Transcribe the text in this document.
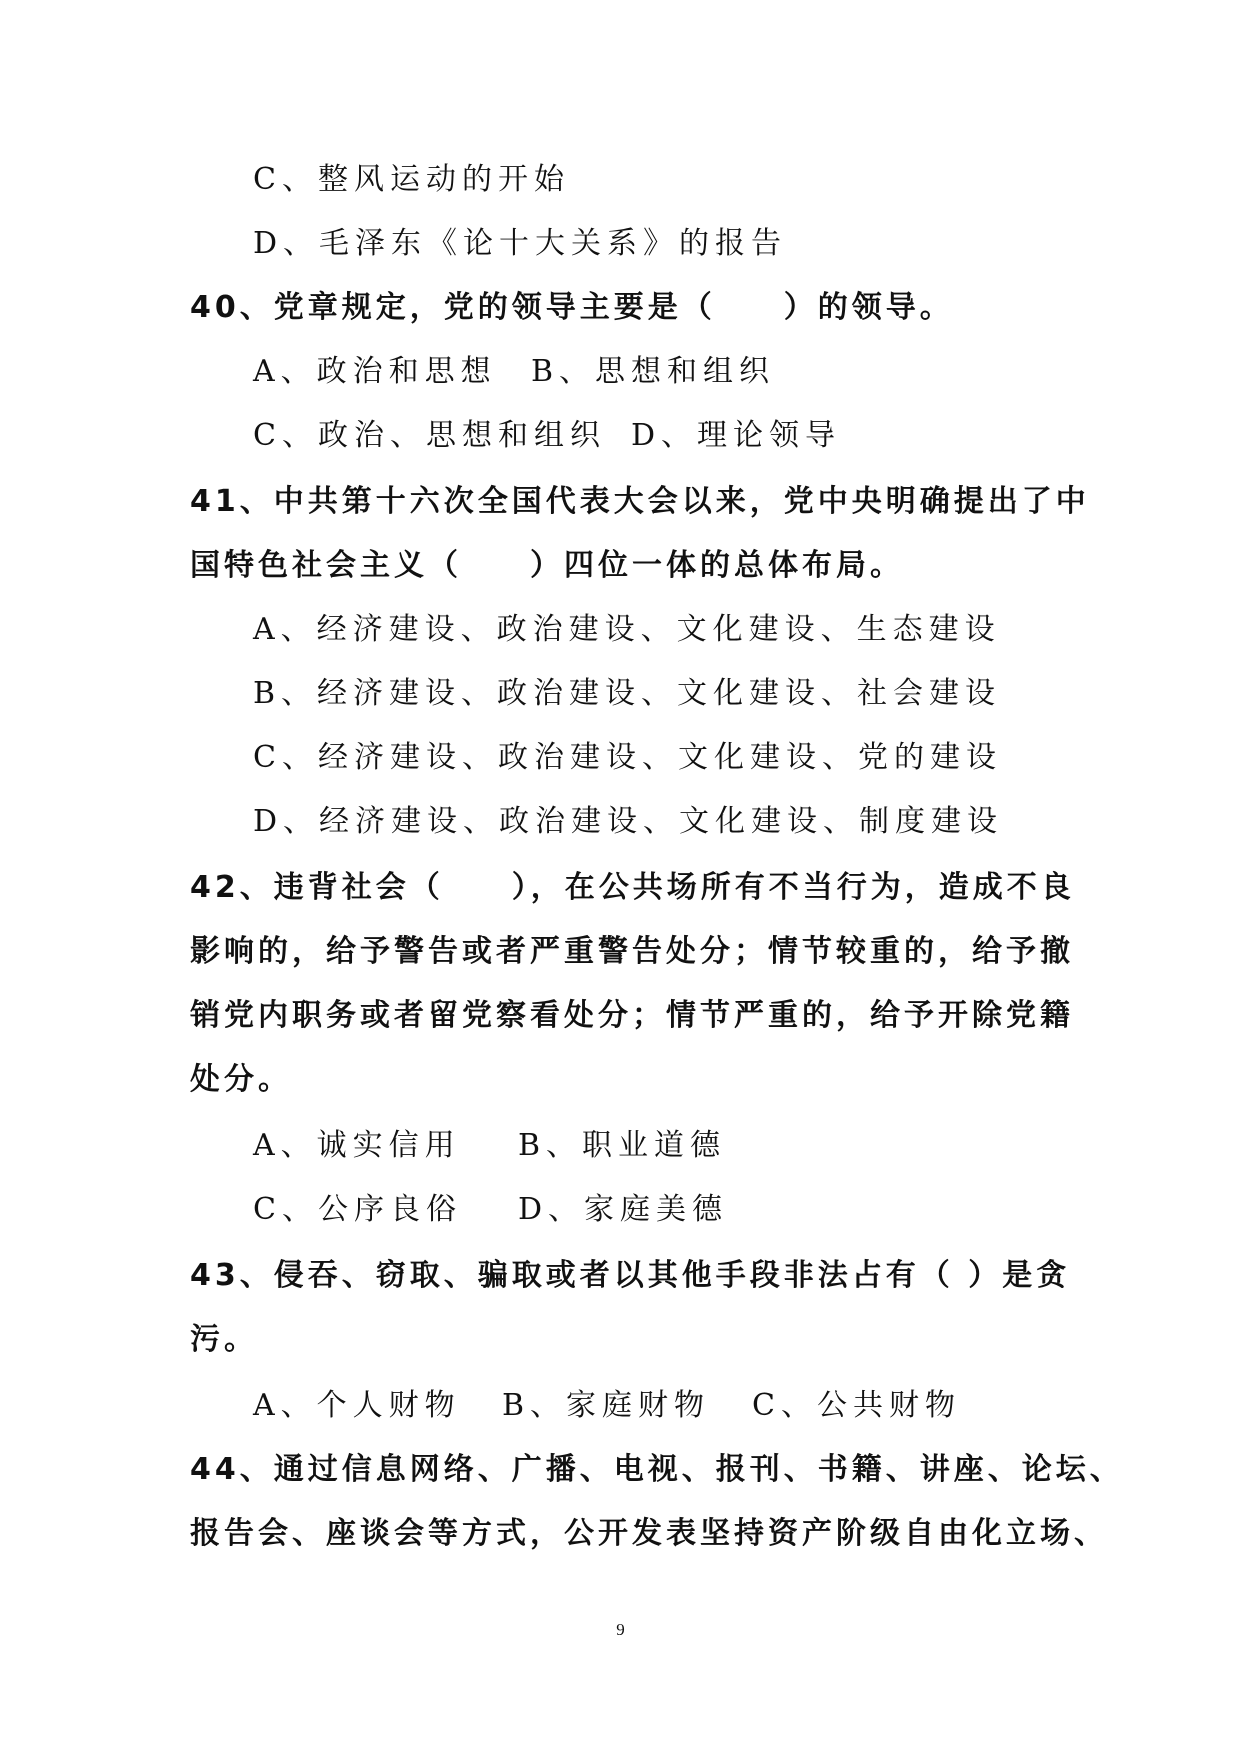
C、整风运动的开始
D、毛泽东《论十大关系》的报告
40、党章规定，党的领导主要是（　　）的领导。
A、政治和思想 B、思想和组织
C、政治、思想和组织 D、理论领导
41、中共第十六次全国代表大会以来，党中央明确提出了中
国特色社会主义（　　）四位一体的总体布局。
A、经济建设、政治建设、文化建设、生态建设
B、经济建设、政治建设、文化建设、社会建设
C、经济建设、政治建设、文化建设、党的建设
D、经济建设、政治建设、文化建设、制度建设
42、违背社会（　　），在公共场所有不当行为，造成不良
影响的，给予警告或者严重警告处分；情节较重的，给予撤
销党内职务或者留党察看处分；情节严重的，给予开除党籍
处分。
A、诚实信用 B、职业道德
C、公序良俗 D、家庭美德
43、侵吞、窃取、骗取或者以其他手段非法占有（ ）是贪
污。
A、个人财物 B、家庭财物 C、公共财物
44、通过信息网络、广播、电视、报刊、书籍、讲座、论坛、
报告会、座谈会等方式，公开发表坚持资产阶级自由化立场、
9
